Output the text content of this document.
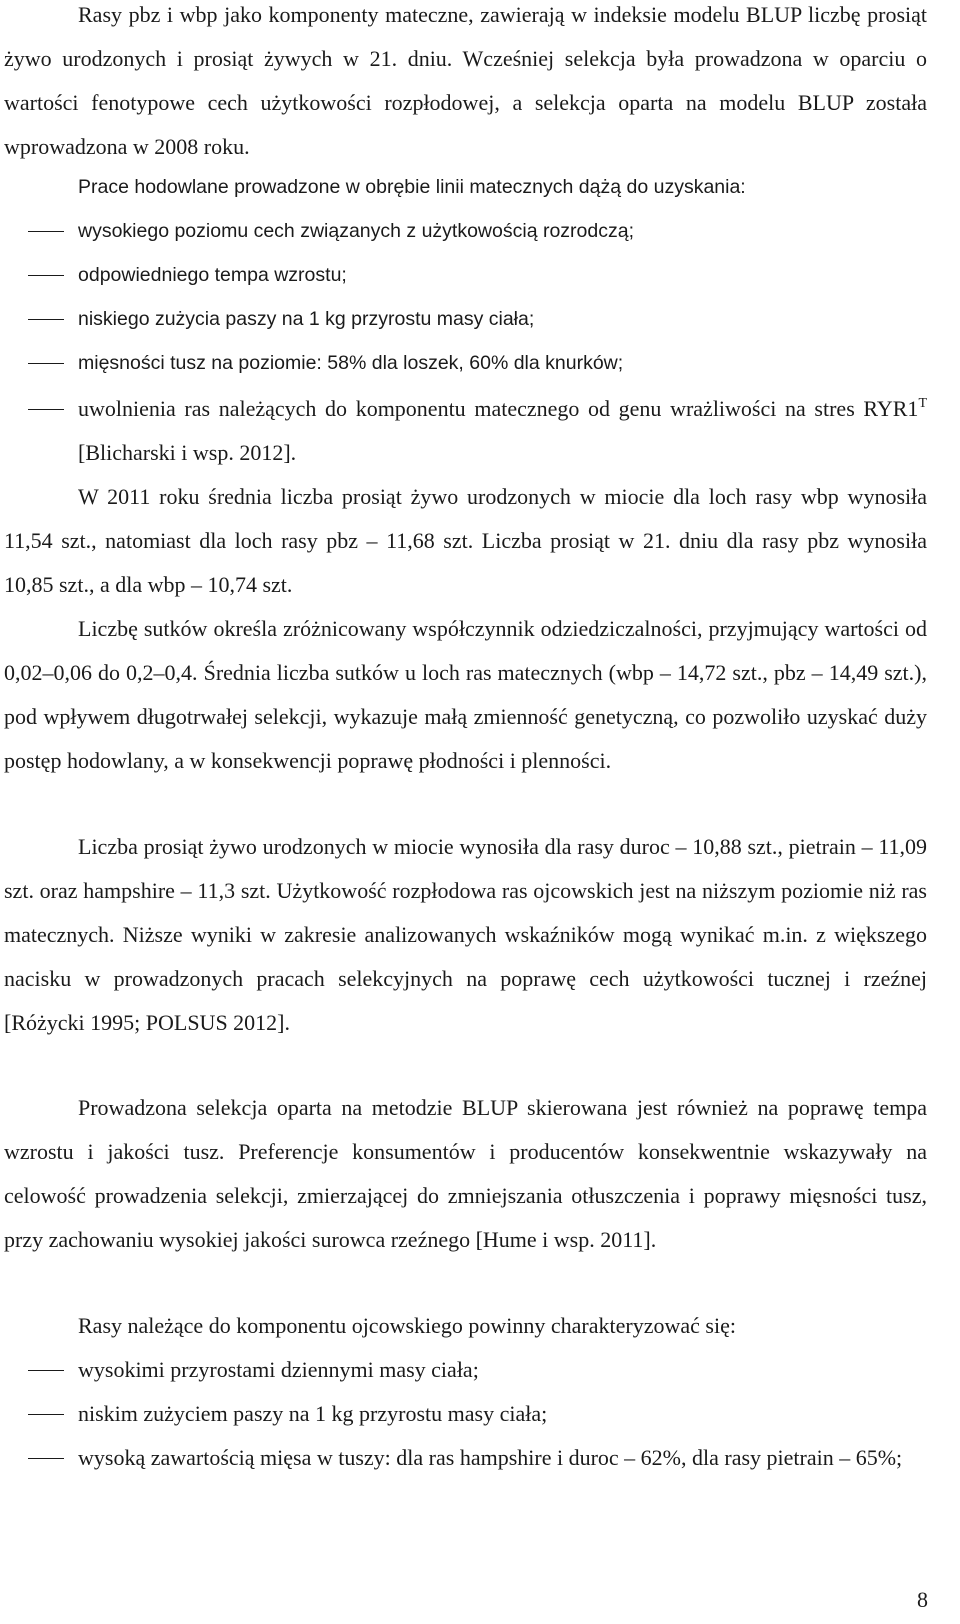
Rasy pbz i wbp jako komponenty mateczne, zawierają w indeksie modelu BLUP liczbę prosiąt żywo urodzonych i prosiąt żywych w 21. dniu. Wcześniej selekcja była prowadzona w oparciu o wartości fenotypowe cech użytkowości rozpłodowej, a selekcja oparta na modelu BLUP została wprowadzona w 2008 roku.

Prace hodowlane prowadzone w obrębie linii matecznych dążą do uzyskania:

wysokiego poziomu cech związanych z użytkowością rozrodczą;
odpowiedniego tempa wzrostu;
niskiego zużycia paszy na 1 kg przyrostu masy ciała;
mięsności tusz na poziomie: 58% dla loszek, 60% dla knurków;
uwolnienia ras należących do komponentu matecznego od genu wrażliwości na stres $RYR1^T$ [Blicharski i wsp. 2012].

W 2011 roku średnia liczba prosiąt żywo urodzonych w miocie dla loch rasy wbp wynosiła 11,54 szt., natomiast dla loch rasy pbz – 11,68 szt. Liczba prosiąt w 21. dniu dla rasy pbz wynosiła 10,85 szt., a dla wbp – 10,74 szt.

Liczbę sutków określa zróżnicowany współczynnik odziedziczalności, przyjmujący wartości od 0,02–0,06 do 0,2–0,4. Średnia liczba sutków u loch ras matecznych (wbp – 14,72 szt., pbz – 14,49 szt.), pod wpływem długotrwałej selekcji, wykazuje małą zmienność genetyczną, co pozwoliło uzyskać duży postęp hodowlany, a w konsekwencji poprawę płodności i plenności.

Liczba prosiąt żywo urodzonych w miocie wynosiła dla rasy duroc – 10,88 szt., pietrain – 11,09 szt. oraz hampshire – 11,3 szt. Użytkowość rozpłodowa ras ojcowskich jest na niższym poziomie niż ras matecznych. Niższe wyniki w zakresie analizowanych wskaźników mogą wynikać m.in. z większego nacisku w prowadzonych pracach selekcyjnych na poprawę cech użytkowości tucznej i rzeźnej [Różycki 1995; POLSUS 2012].

Prowadzona selekcja oparta na metodzie BLUP skierowana jest również na poprawę tempa wzrostu i jakości tusz. Preferencje konsumentów i producentów konsekwentnie wskazywały na celowość prowadzenia selekcji, zmierzającej do zmniejszania otłuszczenia i poprawy mięsności tusz, przy zachowaniu wysokiej jakości surowca rzeźnego [Hume i wsp. 2011].

Rasy należące do komponentu ojcowskiego powinny charakteryzować się:

wysokimi przyrostami dziennymi masy ciała;
niskim zużyciem paszy na 1 kg przyrostu masy ciała;
wysoką zawartością mięsa w tuszy: dla ras hampshire i duroc – 62%, dla rasy pietrain – 65%;
8
